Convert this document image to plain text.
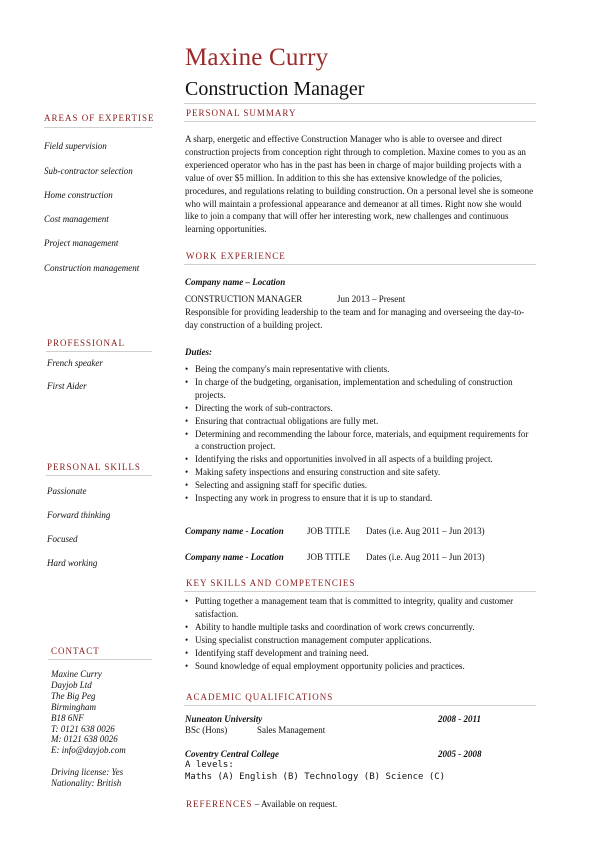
Maxine Curry
Construction Manager
AREAS OF EXPERTISE
Field supervision
Sub-contractor selection
Home construction
Cost management
Project management
Construction management
PROFESSIONAL
French speaker
First Aider
PERSONAL SKILLS
Passionate
Forward thinking
Focused
Hard working
CONTACT
Maxine Curry
Dayjob Ltd
The Big Peg
Birmingham
B18 6NF
T: 0121 638 0026
M: 0121 638 0026
E: info@dayjob.com
Driving license: Yes
Nationality: British
PERSONAL SUMMARY
A sharp, energetic and effective Construction Manager who is able to oversee and direct construction projects from conception right through to completion. Maxine comes to you as an experienced operator who has in the past has been in charge of major building projects with a value of over $5 million. In addition to this she has extensive knowledge of the policies, procedures, and regulations relating to building construction. On a personal level she is someone who will maintain a professional appearance and demeanor at all times. Right now she would like to join a company that will offer her interesting work, new challenges and continuous learning opportunities.
WORK EXPERIENCE
Company name – Location
CONSTRUCTION MANAGER	Jun 2013 – Present
Responsible for providing leadership to the team and for managing and overseeing the day-to-day construction of a building project.
Duties:
• Being the company's main representative with clients.
• In charge of the budgeting, organisation, implementation and scheduling of construction projects.
• Directing the work of sub-contractors.
• Ensuring that contractual obligations are fully met.
• Determining and recommending the labour force, materials, and equipment requirements for a construction project.
• Identifying the risks and opportunities involved in all aspects of a building project.
• Making safety inspections and ensuring construction and site safety.
• Selecting and assigning staff for specific duties.
• Inspecting any work in progress to ensure that it is up to standard.
Company name - Location	JOB TITLE Dates (i.e. Aug 2011 – Jun 2013)
Company name - Location	JOB TITLE Dates (i.e. Aug 2011 – Jun 2013)
KEY SKILLS AND COMPETENCIES
• Putting together a management team that is committed to integrity, quality and customer satisfaction.
• Ability to handle multiple tasks and coordination of work crews concurrently.
• Using specialist construction management computer applications.
• Identifying staff development and training need.
• Sound knowledge of equal employment opportunity policies and practices.
ACADEMIC QUALIFICATIONS
Nuneaton University	2008 - 2011
BSc (Hons)	Sales Management
Coventry Central College	2005 - 2008
A levels:
Maths (A) English (B) Technology (B) Science (C)
REFERENCES – Available on request.
